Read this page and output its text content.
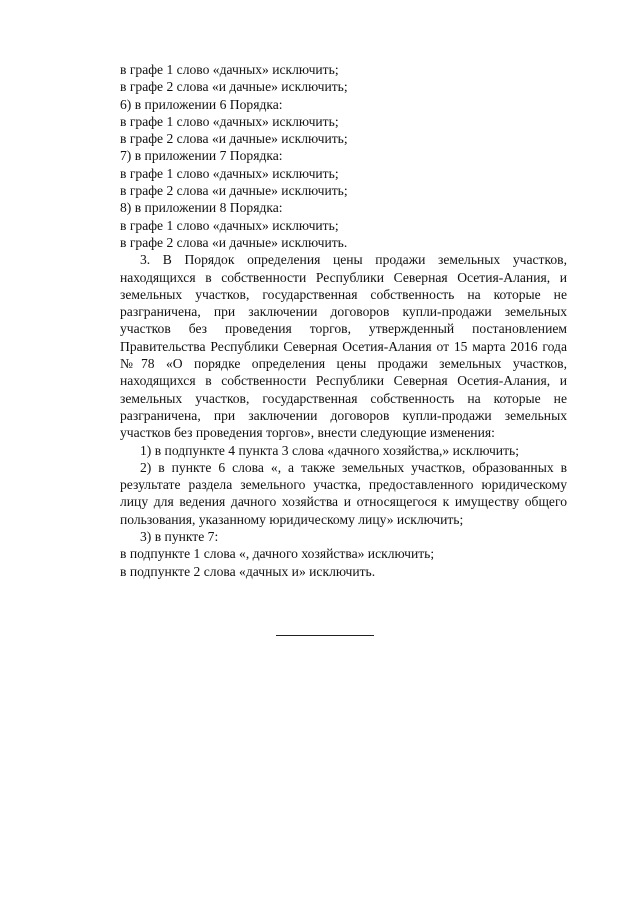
в графе 1 слово «дачных» исключить;
в графе 2 слова «и дачные» исключить;
6) в приложении 6 Порядка:
в графе 1 слово «дачных» исключить;
в графе 2 слова «и дачные» исключить;
7) в приложении 7 Порядка:
в графе 1 слово «дачных» исключить;
в графе 2 слова «и дачные» исключить;
8) в приложении 8 Порядка:
в графе 1 слово «дачных» исключить;
в графе 2 слова «и дачные» исключить.
3. В Порядок определения цены продажи земельных участков, находящихся в собственности Республики Северная Осетия-Алания, и земельных участков, государственная собственность на которые не разграничена, при заключении договоров купли-продажи земельных участков без проведения торгов, утвержденный постановлением Правительства Республики Северная Осетия-Алания от 15 марта 2016 года №78 «О порядке определения цены продажи земельных участков, находящихся в собственности Республики Северная Осетия-Алания, и земельных участков, государственная собственность на которые не разграничена, при заключении договоров купли-продажи земельных участков без проведения торгов», внести следующие изменения:
1) в подпункте 4 пункта 3 слова «дачного хозяйства,» исключить;
2) в пункте 6 слова «, а также земельных участков, образованных в результате раздела земельного участка, предоставленного юридическому лицу для ведения дачного хозяйства и относящегося к имуществу общего пользования, указанному юридическому лицу» исключить;
3) в пункте 7:
в подпункте 1 слова «, дачного хозяйства» исключить;
в подпункте 2 слова «дачных и» исключить.
